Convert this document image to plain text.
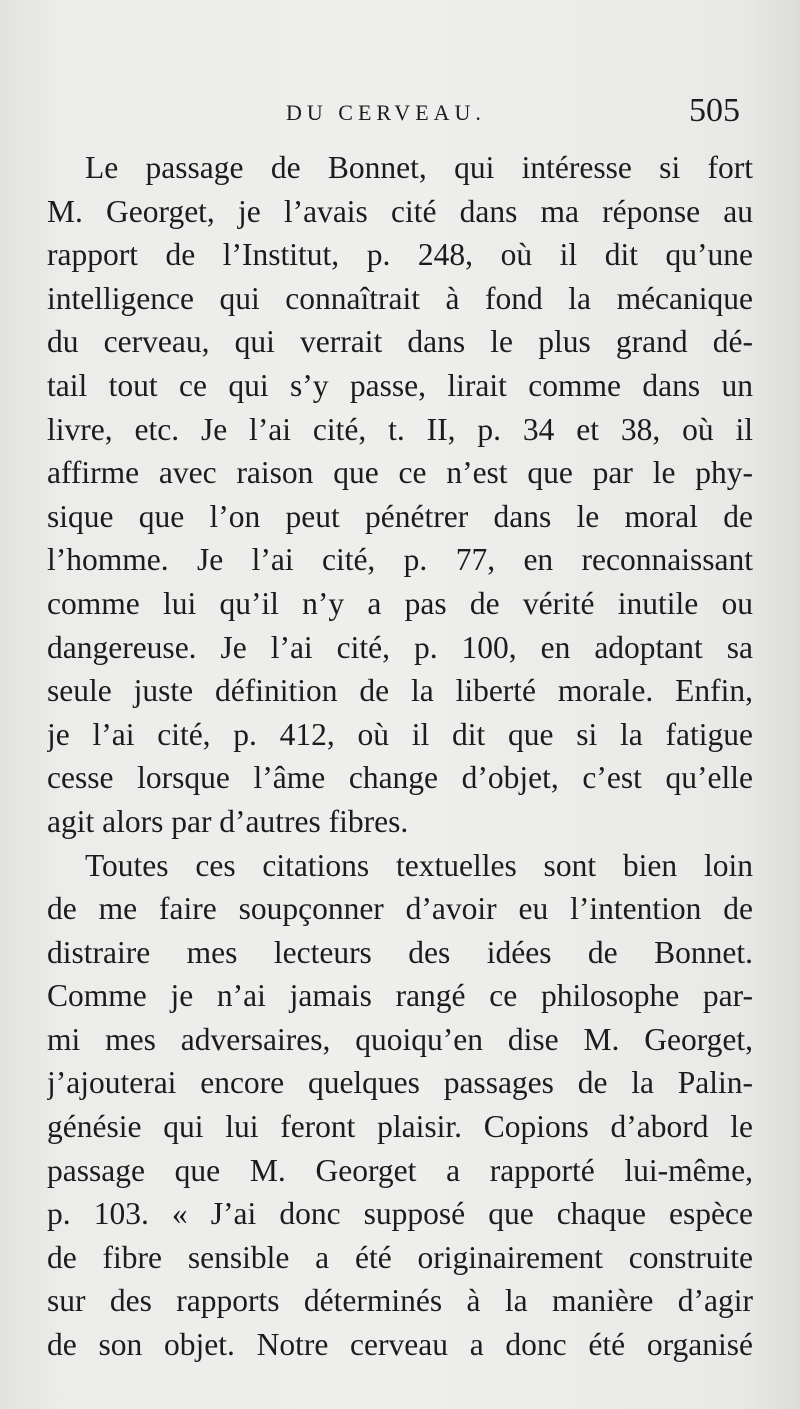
DU CERVEAU.	505
Le passage de Bonnet, qui intéresse si fort
M. Georget, je l’avais cité dans ma réponse au
rapport de l’Institut, p. 248, où il dit qu’une
intelligence qui connaîtrait à fond la mécanique
du cerveau, qui verrait dans le plus grand dé-
tail tout ce qui s’y passe, lirait comme dans un
livre, etc. Je l’ai cité, t. II, p. 34 et 38, où il
affirme avec raison que ce n’est que par le phy-
sique que l’on peut pénétrer dans le moral de
l’homme. Je l’ai cité, p. 77, en reconnaissant
comme lui qu’il n’y a pas de vérité inutile ou
dangereuse. Je l’ai cité, p. 100, en adoptant sa
seule juste définition de la liberté morale. Enfin,
je l’ai cité, p. 412, où il dit que si la fatigue
cesse lorsque l’âme change d’objet, c’est qu’elle
agit alors par d’autres fibres.
Toutes ces citations textuelles sont bien loin
de me faire soupçonner d’avoir eu l’intention de
distraire mes lecteurs des idées de Bonnet.
Comme je n’ai jamais rangé ce philosophe par-
mi mes adversaires, quoiqu’en dise M. Georget,
j’ajouterai encore quelques passages de la Palin-
génésie qui lui feront plaisir. Copions d’abord le
passage que M. Georget a rapporté lui-même,
p. 103. « J’ai donc supposé que chaque espèce
de fibre sensible a été originairement construite
sur des rapports déterminés à la manière d’agir
de son objet. Notre cerveau a donc été organisé
